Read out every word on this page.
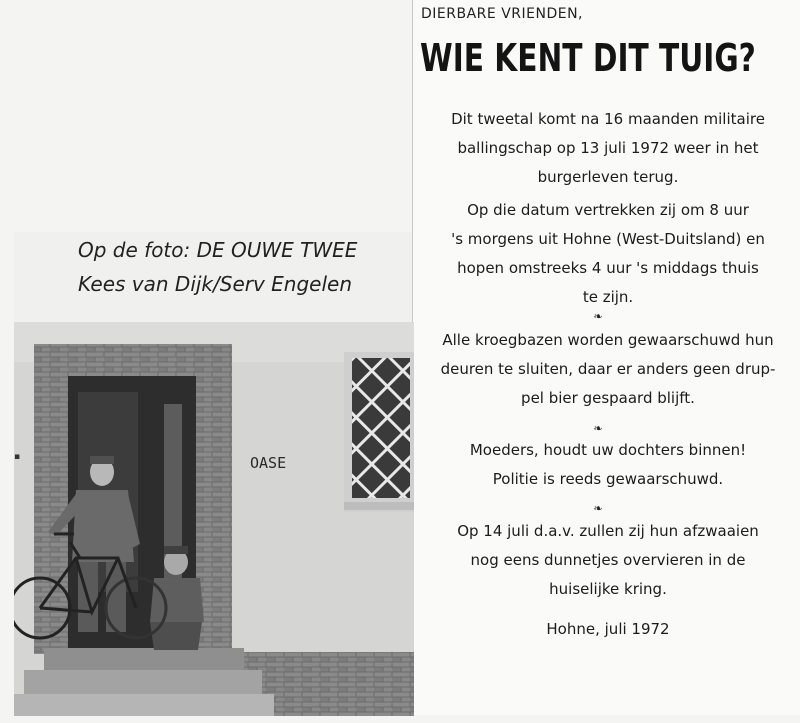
DIERBARE VRIENDEN,
WIE KENT DIT TUIG?
Dit tweetal komt na 16 maanden militaire
ballingschap op 13 juli 1972 weer in het
burgerleven terug.
Op die datum vertrekken zij om 8 uur
's morgens uit Hohne (West-Duitsland) en
hopen omstreeks 4 uur 's middags thuis
te zijn.
❧
Alle kroegbazen worden gewaarschuwd hun
deuren te sluiten, daar er anders geen drup-
pel bier gespaard blijft.
❧
Moeders, houdt uw dochters binnen!
Politie is reeds gewaarschuwd.
❧
Op 14 juli d.a.v. zullen zij hun afzwaaien
nog eens dunnetjes overvieren in de
huiselijke kring.
Hohne, juli 1972
Op de foto: DE OUWE TWEE
Kees van Dijk/Serv Engelen
OASE
▪
